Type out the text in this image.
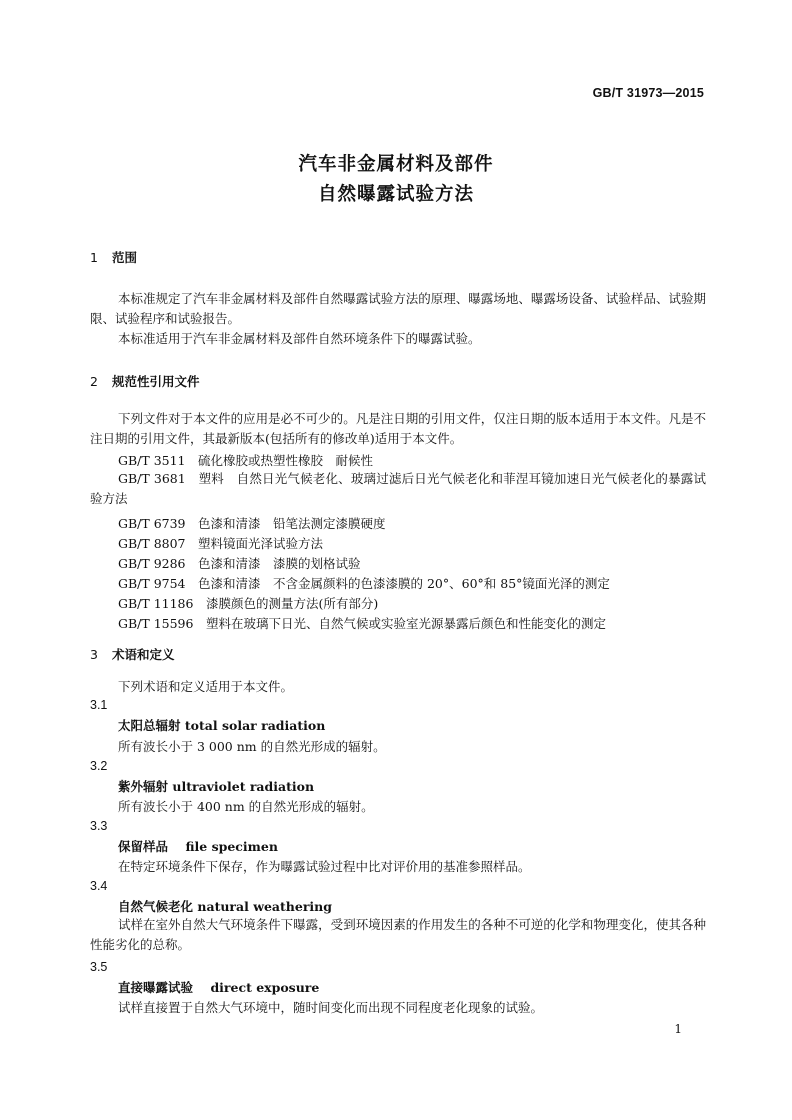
GB/T 31973—2015
汽车非金属材料及部件
自然曝露试验方法
1 范围
本标准规定了汽车非金属材料及部件自然曝露试验方法的原理、曝露场地、曝露场设备、试验样品、试验期限、试验程序和试验报告。
本标准适用于汽车非金属材料及部件自然环境条件下的曝露试验。
2 规范性引用文件
下列文件对于本文件的应用是必不可少的。凡是注日期的引用文件，仅注日期的版本适用于本文件。凡是不注日期的引用文件，其最新版本(包括所有的修改单)适用于本文件。
GB/T 3511　硫化橡胶或热塑性橡胶　耐候性
GB/T 3681　塑料　自然日光气候老化、玻璃过滤后日光气候老化和菲涅耳镜加速日光气候老化的暴露试验方法
GB/T 6739　色漆和清漆　铅笔法测定漆膜硬度
GB/T 8807　塑料镜面光泽试验方法
GB/T 9286　色漆和清漆　漆膜的划格试验
GB/T 9754　色漆和清漆　不含金属颜料的色漆漆膜的 20°、60°和 85°镜面光泽的测定
GB/T 11186　漆膜颜色的测量方法(所有部分)
GB/T 15596　塑料在玻璃下日光、自然气候或实验室光源暴露后颜色和性能变化的测定
3 术语和定义
下列术语和定义适用于本文件。
3.1
太阳总辐射 total solar radiation
所有波长小于 3 000 nm 的自然光形成的辐射。
3.2
紫外辐射 ultraviolet radiation
所有波长小于 400 nm 的自然光形成的辐射。
3.3
保留样品 file specimen
在特定环境条件下保存，作为曝露试验过程中比对评价用的基准参照样品。
3.4
自然气候老化 natural weathering
试样在室外自然大气环境条件下曝露，受到环境因素的作用发生的各种不可逆的化学和物理变化，使其各种性能劣化的总称。
3.5
直接曝露试验 direct exposure
试样直接置于自然大气环境中，随时间变化而出现不同程度老化现象的试验。
1
